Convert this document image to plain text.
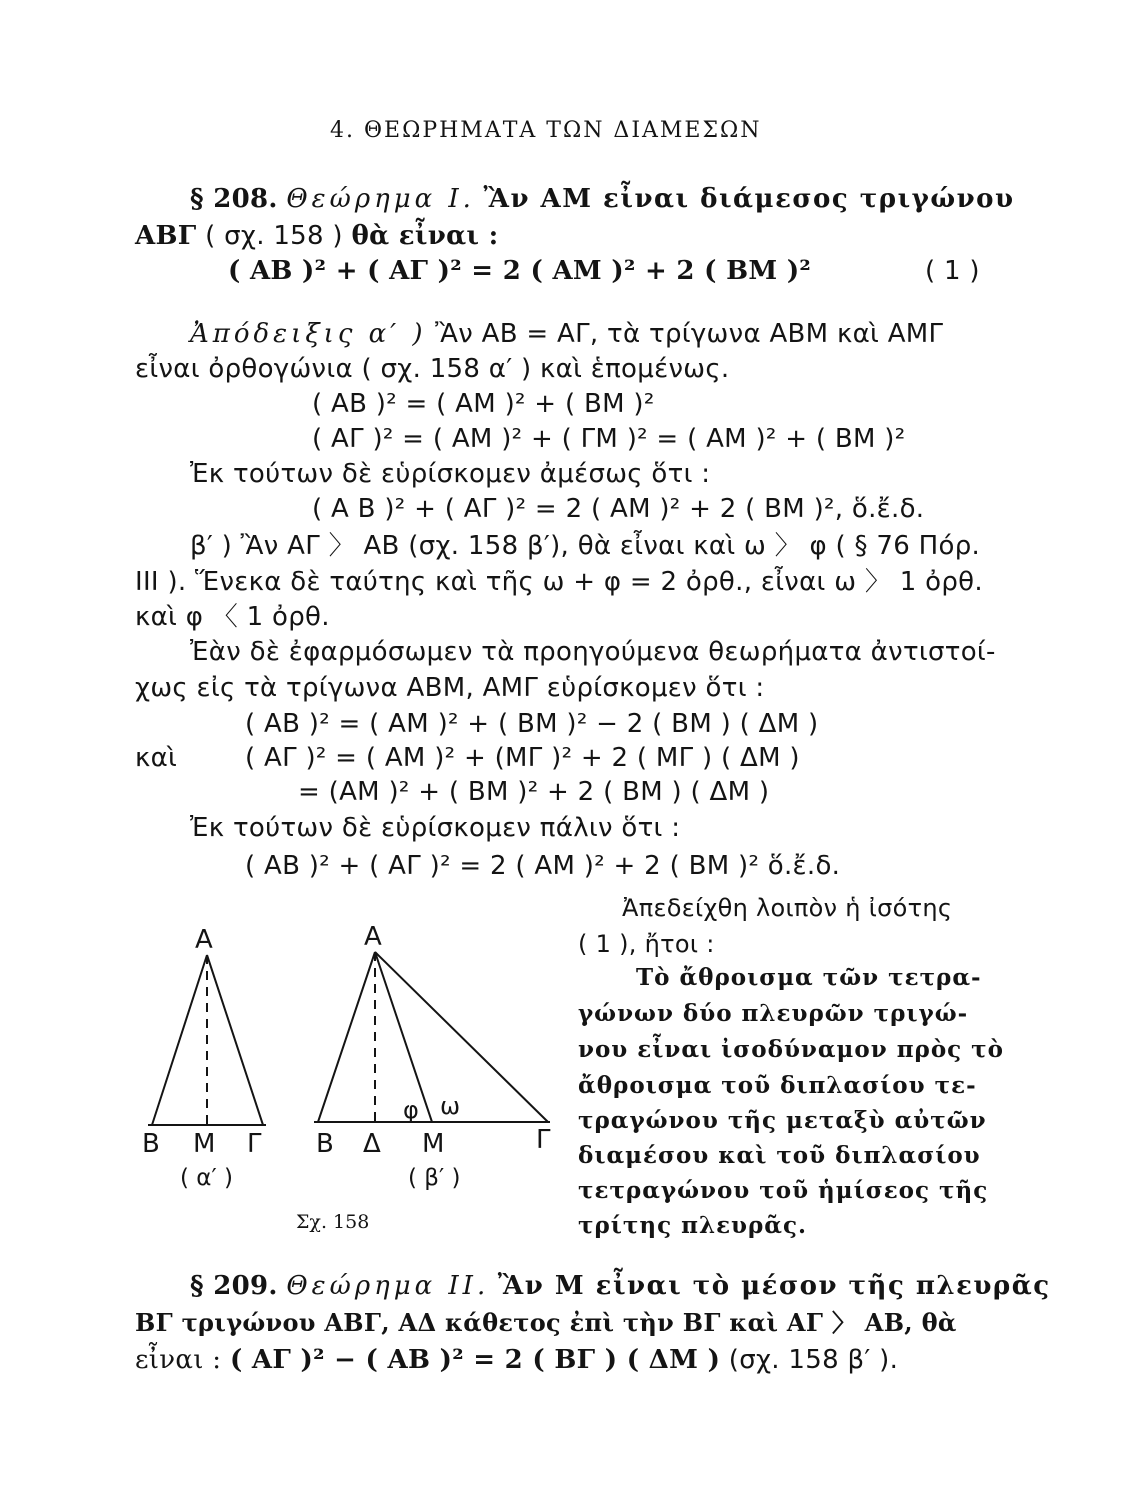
4. ΘΕΩΡΗΜΑΤΑ ΤΩΝ ΔΙΑΜΕΣΩΝ
§ 208. Θεώρημα Ι. Ἂν ΑΜ εἶναι διάμεσος τριγώνου
ΑΒΓ ( σχ. 158 ) θὰ εἶναι :
( ΑΒ )² + ( ΑΓ )² = 2 ( ΑΜ )² + 2 ( ΒΜ )²	( 1 )
Ἀπόδειξις α′ ) Ἂν ΑΒ = ΑΓ, τὰ τρίγωνα ΑΒΜ καὶ ΑΜΓ
εἶναι ὀρθογώνια ( σχ. 158 α′ ) καὶ ἑπομένως.
( ΑΒ )² = ( ΑΜ )² + ( ΒΜ )²
( ΑΓ )² = ( ΑΜ )² + ( ΓΜ )² = ( ΑΜ )² + ( ΒΜ )²
Ἐκ τούτων δὲ εὑρίσκομεν ἀμέσως ὅτι :
( Α Β )² + ( ΑΓ )² = 2 ( ΑΜ )² + 2 ( ΒΜ )², ὅ.ἔ.δ.
β′ ) Ἂν ΑΓ 〉 ΑΒ (σχ. 158 β′), θὰ εἶναι καὶ ω 〉 φ ( § 76 Πόρ.
ΙΙΙ ). Ἕνεκα δὲ ταύτης καὶ τῆς ω + φ = 2 ὀρθ., εἶναι ω 〉 1 ὀρθ.
καὶ φ 〈 1 ὀρθ.
Ἐὰν δὲ ἐφαρμόσωμεν τὰ προηγούμενα θεωρήματα ἀντιστοί-
χως εἰς τὰ τρίγωνα ΑΒΜ, ΑΜΓ εὑρίσκομεν ὅτι :
( ΑΒ )² = ( ΑΜ )² + ( ΒΜ )² − 2 ( ΒΜ ) ( ΔΜ )
καὶ	( ΑΓ )² = ( ΑΜ )² + (ΜΓ )² + 2 ( ΜΓ ) ( ΔΜ )
= (ΑΜ )² + ( ΒΜ )² + 2 ( ΒΜ ) ( ΔΜ )
Ἐκ τούτων δὲ εὑρίσκομεν πάλιν ὅτι :
( ΑΒ )² + ( ΑΓ )² = 2 ( ΑΜ )² + 2 ( ΒΜ )² ὅ.ἔ.δ.
Ἀπεδείχθη λοιπὸν ἡ ἰσότης
( 1 ), ἤτοι :
Τὸ ἄθροισμα τῶν τετρα-
γώνων δύο πλευρῶν τριγώ-
νου εἶναι ἰσοδύναμον πρὸς τὸ
ἄθροισμα τοῦ διπλασίου τε-
τραγώνου τῆς μεταξὺ αὐτῶν
διαμέσου καὶ τοῦ διπλασίου
τετραγώνου τοῦ ἡμίσεος τῆς
τρίτης πλευρᾶς.
Α
Β Μ Γ
( α′ )
Α
Β Δ Μ	Γ
φ ω
( β′ )
Σχ. 158
§ 209. Θεώρημα ΙΙ. Ἂν Μ εἶναι τὸ μέσον τῆς πλευρᾶς
ΒΓ τριγώνου ΑΒΓ, ΑΔ κάθετος ἐπὶ τὴν ΒΓ καὶ ΑΓ 〉 ΑΒ, θὰ
εἶναι : ( ΑΓ )² − ( ΑΒ )² = 2 ( ΒΓ ) ( ΔΜ ) (σχ. 158 β′ ).
